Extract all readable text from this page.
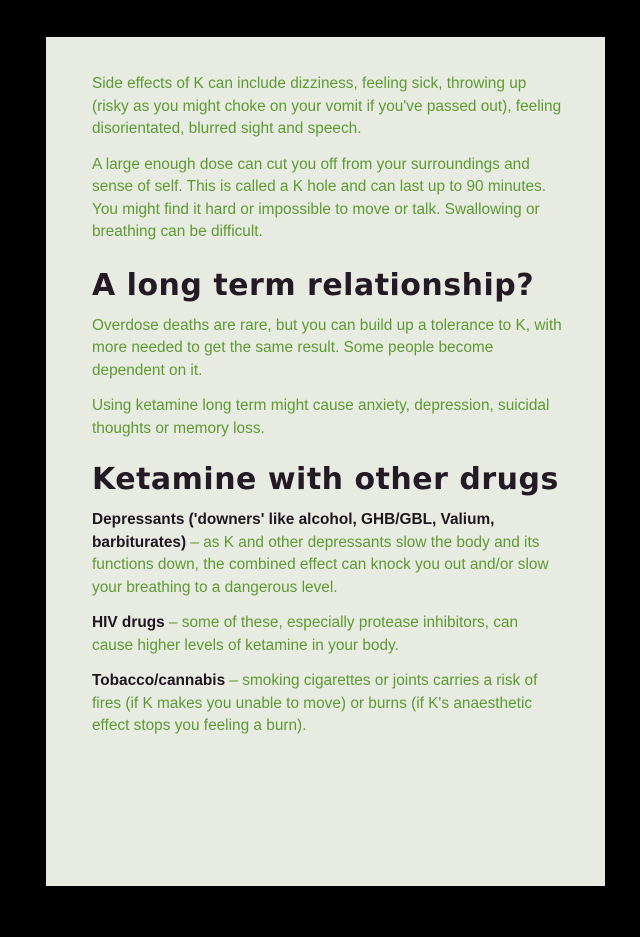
Side effects of K can include dizziness, feeling sick, throwing up (risky as you might choke on your vomit if you've passed out), feeling disorientated, blurred sight and speech.

A large enough dose can cut you off from your surroundings and sense of self. This is called a K hole and can last up to 90 minutes. You might find it hard or impossible to move or talk. Swallowing or breathing can be difficult.

A long term relationship?

Overdose deaths are rare, but you can build up a tolerance to K, with more needed to get the same result. Some people become dependent on it.

Using ketamine long term might cause anxiety, depression, suicidal thoughts or memory loss.

Ketamine with other drugs

Depressants ('downers' like alcohol, GHB/GBL, Valium, barbiturates) – as K and other depressants slow the body and its functions down, the combined effect can knock you out and/or slow your breathing to a dangerous level.

HIV drugs – some of these, especially protease inhibitors, can cause higher levels of ketamine in your body.

Tobacco/cannabis – smoking cigarettes or joints carries a risk of fires (if K makes you unable to move) or burns (if K's anaesthetic effect stops you feeling a burn).
